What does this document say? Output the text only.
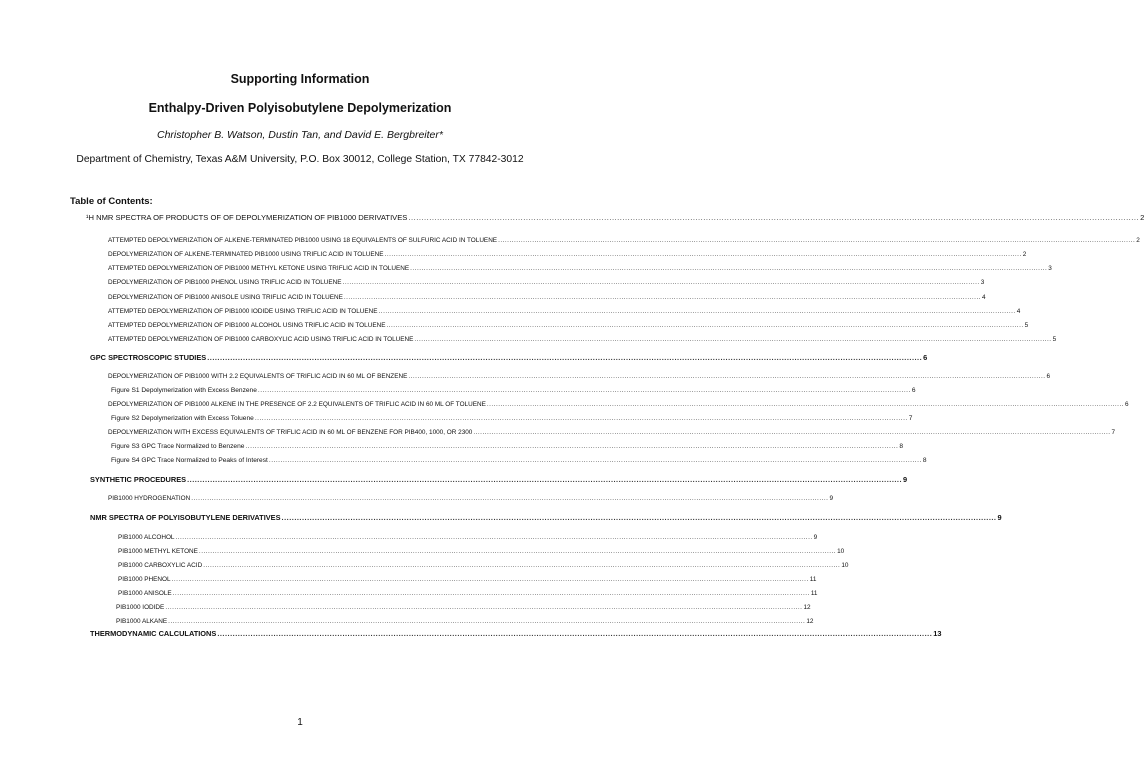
Supporting Information
Enthalpy-Driven Polyisobutylene Depolymerization
Christopher B. Watson, Dustin Tan, and David E. Bergbreiter*
Department of Chemistry, Texas A&M University, P.O. Box 30012, College Station, TX 77842-3012
Table of Contents:
¹H NMR SPECTRA OF PRODUCTS OF OF DEPOLYMERIZATION OF PIB1000 DERIVATIVES .....	2
ATTEMPTED DEPOLYMERIZATION OF ALKENE-TERMINATED PIB1000 USING 18 EQUIVALENTS OF SULFURIC ACID IN TOLUENE .....	2
DEPOLYMERIZATION OF ALKENE-TERMINATED PIB1000 USING TRIFLIC ACID IN TOLUENE .....	2
ATTEMPTED DEPOLYMERIZATION OF PIB1000 METHYL KETONE USING TRIFLIC ACID IN TOLUENE .....	3
DEPOLYMERIZATION OF PIB1000 PHENOL USING TRIFLIC ACID IN TOLUENE .....	3
DEPOLYMERIZATION OF PIB1000 ANISOLE USING TRIFLIC ACID IN TOLUENE .....	4
ATTEMPTED DEPOLYMERIZATION OF PIB1000 IODIDE USING TRIFLIC ACID IN TOLUENE .....	4
ATTEMPTED DEPOLYMERIZATION OF PIB1000 ALCOHOL USING TRIFLIC ACID IN TOLUENE .....	5
ATTEMPTED DEPOLYMERIZATION OF PIB1000 CARBOXYLIC ACID USING TRIFLIC ACID IN TOLUENE .....	5
GPC SPECTROSCOPIC STUDIES .....	6
DEPOLYMERIZATION OF PIB1000 WITH 2.2 EQUIVALENTS OF TRIFLIC ACID IN 60 ML OF BENZENE .....	6
Figure S1 Depolymerization with Excess Benzene .....	6
DEPOLYMERIZATION OF PIB1000 ALKENE IN THE PRESENCE OF 2.2 EQUIVALENTS OF TRIFLIC ACID IN 60 ML OF TOLUENE .....	6
Figure S2 Depolymerization with Excess Toluene .....	7
DEPOLYMERIZATION WITH EXCESS EQUIVALENTS OF TRIFLIC ACID IN 60 ML OF BENZENE FOR PIB400, 1000, OR 2300 .....	7
Figure S3 GPC Trace Normalized to Benzene .....	8
Figure S4 GPC Trace Normalized to Peaks of Interest .....	8
SYNTHETIC PROCEDURES .....	9
PIB1000 HYDROGENATION .....	9
NMR SPECTRA OF POLYISOBUTYLENE DERIVATIVES .....	9
PIB1000 ALCOHOL .....	9
PIB1000 METHYL KETONE .....	10
PIB1000 CARBOXYLIC ACID .....	10
PIB1000 PHENOL .....	11
PIB1000 ANISOLE .....	11
PIB1000 IODIDE .....	12
PIB1000 ALKANE .....	12
THERMODYNAMIC CALCULATIONS .....	13
1
